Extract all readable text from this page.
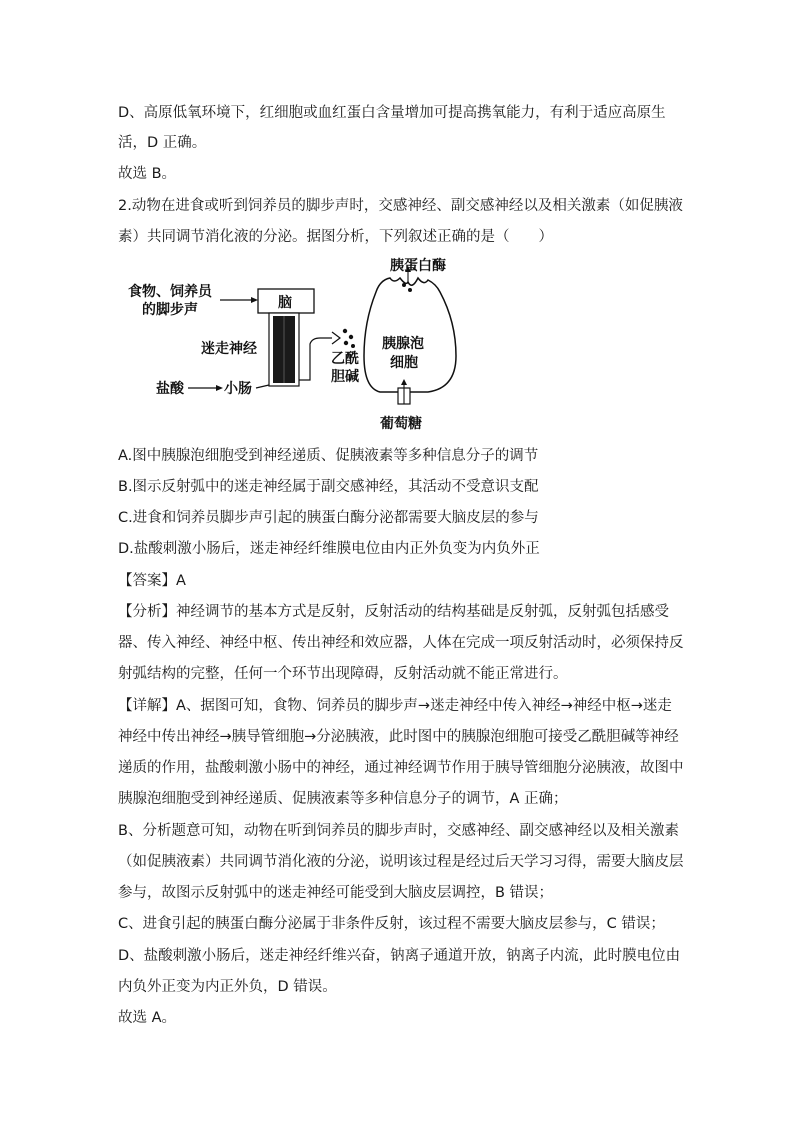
D、高原低氧环境下，红细胞或血红蛋白含量增加可提高携氧能力，有利于适应高原生
活，D 正确。
故选 B。
2.动物在进食或听到饲养员的脚步声时，交感神经、副交感神经以及相关激素（如促胰液
素）共同调节消化液的分泌。据图分析，下列叙述正确的是（　　）
食物、饲养员
的脚步声	脑
迷走神经
乙酰
胆碱
盐酸	小肠
胰蛋白酶
胰腺泡
细胞
葡萄糖
A.图中胰腺泡细胞受到神经递质、促胰液素等多种信息分子的调节
B.图示反射弧中的迷走神经属于副交感神经，其活动不受意识支配
C.进食和饲养员脚步声引起的胰蛋白酶分泌都需要大脑皮层的参与
D.盐酸刺激小肠后，迷走神经纤维膜电位由内正外负变为内负外正
【答案】A
【分析】神经调节的基本方式是反射，反射活动的结构基础是反射弧，反射弧包括感受
器、传入神经、神经中枢、传出神经和效应器，人体在完成一项反射活动时，必须保持反
射弧结构的完整，任何一个环节出现障碍，反射活动就不能正常进行。
【详解】A、据图可知，食物、饲养员的脚步声→迷走神经中传入神经→神经中枢→迷走
神经中传出神经→胰导管细胞→分泌胰液，此时图中的胰腺泡细胞可接受乙酰胆碱等神经
递质的作用，盐酸刺激小肠中的神经，通过神经调节作用于胰导管细胞分泌胰液，故图中
胰腺泡细胞受到神经递质、促胰液素等多种信息分子的调节，A 正确；
B、分析题意可知，动物在听到饲养员的脚步声时，交感神经、副交感神经以及相关激素
（如促胰液素）共同调节消化液的分泌，说明该过程是经过后天学习习得，需要大脑皮层
参与，故图示反射弧中的迷走神经可能受到大脑皮层调控，B 错误；
C、进食引起的胰蛋白酶分泌属于非条件反射，该过程不需要大脑皮层参与，C 错误；
D、盐酸刺激小肠后，迷走神经纤维兴奋，钠离子通道开放，钠离子内流，此时膜电位由
内负外正变为内正外负，D 错误。
故选 A。
